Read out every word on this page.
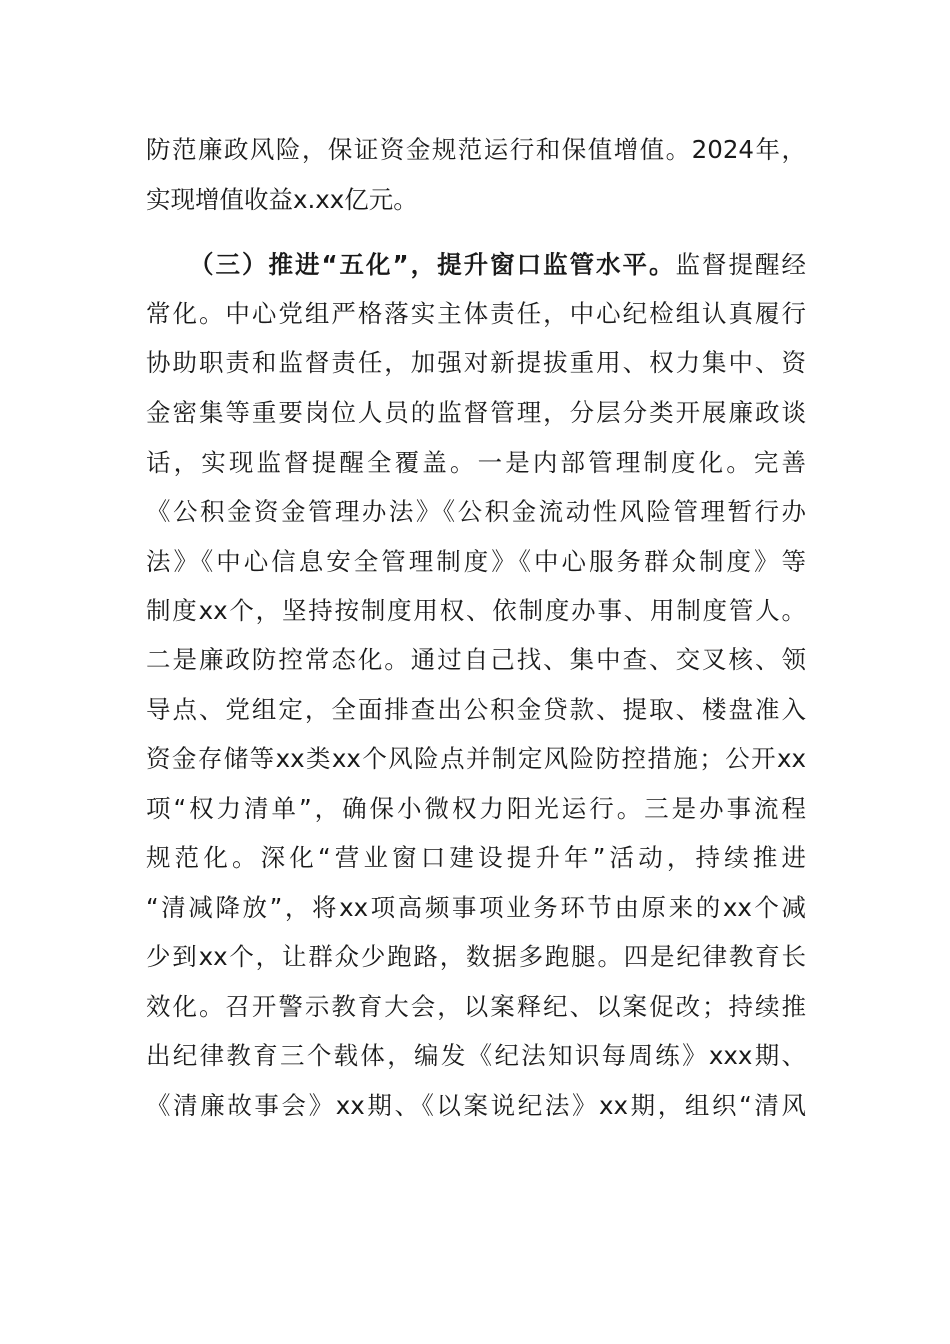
防范廉政风险，保证资金规范运行和保值增值。2024年，
实现增值收益x.xx亿元。
（三）推进“五化”，提升窗口监管水平。监督提醒经
常化。中心党组严格落实主体责任，中心纪检组认真履行
协助职责和监督责任，加强对新提拔重用、权力集中、资
金密集等重要岗位人员的监督管理，分层分类开展廉政谈
话，实现监督提醒全覆盖。一是内部管理制度化。完善
《公积金资金管理办法》《公积金流动性风险管理暂行办
法》《中心信息安全管理制度》《中心服务群众制度》等
制度xx个，坚持按制度用权、依制度办事、用制度管人。
二是廉政防控常态化。通过自己找、集中查、交叉核、领
导点、党组定，全面排查出公积金贷款、提取、楼盘准入
资金存储等xx类xx个风险点并制定风险防控措施；公开xx
项“权力清单”，确保小微权力阳光运行。三是办事流程
规范化。深化“营业窗口建设提升年”活动，持续推进
“清减降放”，将xx项高频事项业务环节由原来的xx个减
少到xx个，让群众少跑路，数据多跑腿。四是纪律教育长
效化。召开警示教育大会，以案释纪、以案促改；持续推
出纪律教育三个载体，编发《纪法知识每周练》xxx期、
《清廉故事会》xx期、《以案说纪法》xx期，组织“清风
